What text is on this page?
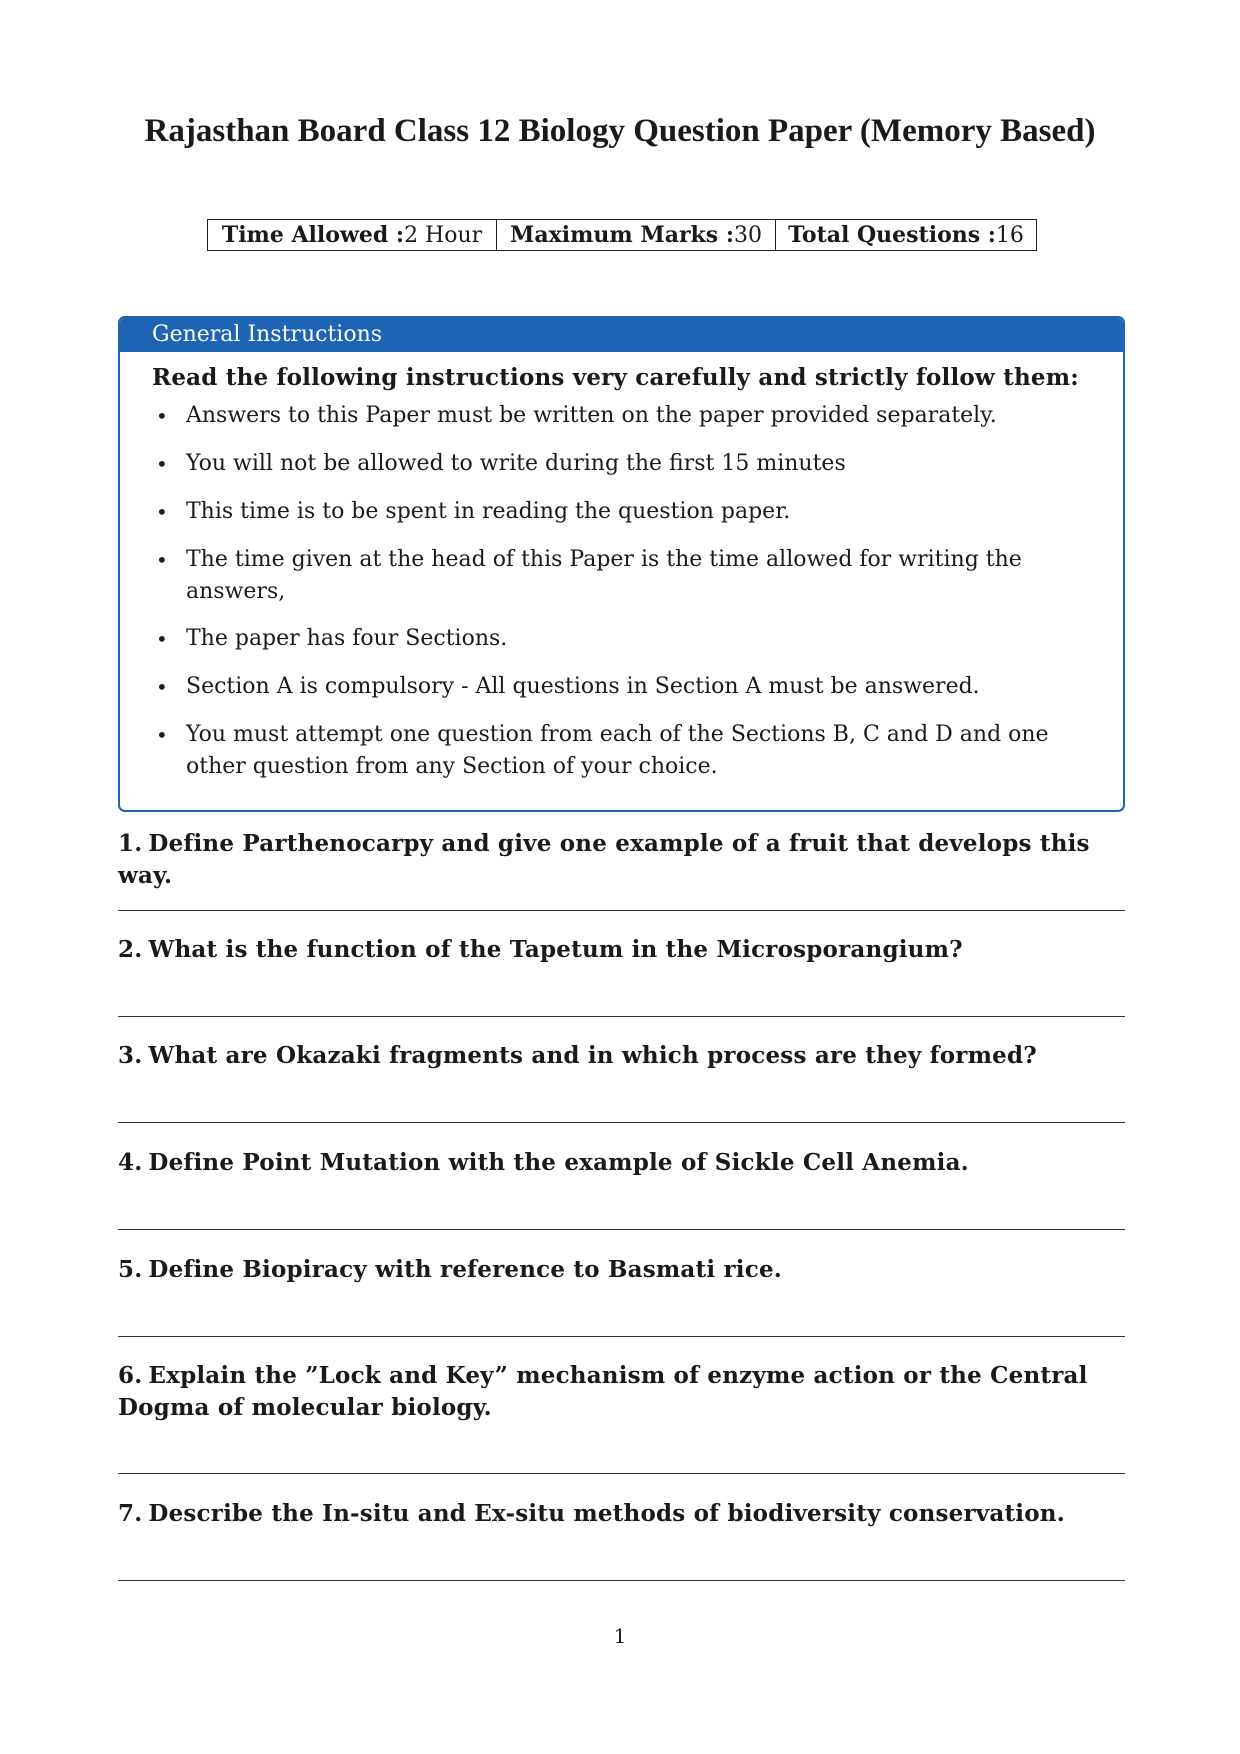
Rajasthan Board Class 12 Biology Question Paper (Memory Based)
Time Allowed : 2 Hour Maximum Marks : 30 Total Questions : 16
General Instructions

Read the following instructions very carefully and strictly follow them:

• Answers to this Paper must be written on the paper provided separately.
• You will not be allowed to write during the first 15 minutes
• This time is to be spent in reading the question paper.
• The time given at the head of this Paper is the time allowed for writing the answers,
• The paper has four Sections.
• Section A is compulsory - All questions in Section A must be answered.
• You must attempt one question from each of the Sections B, C and D and one other question from any Section of your choice.

1. Define Parthenocarpy and give one example of a fruit that develops this way.

2. What is the function of the Tapetum in the Microsporangium?

3. What are Okazaki fragments and in which process are they formed?

4. Define Point Mutation with the example of Sickle Cell Anemia.

5. Define Biopiracy with reference to Basmati rice.

6. Explain the ”Lock and Key” mechanism of enzyme action or the Central Dogma of molecular biology.

7. Describe the In-situ and Ex-situ methods of biodiversity conservation.

1
